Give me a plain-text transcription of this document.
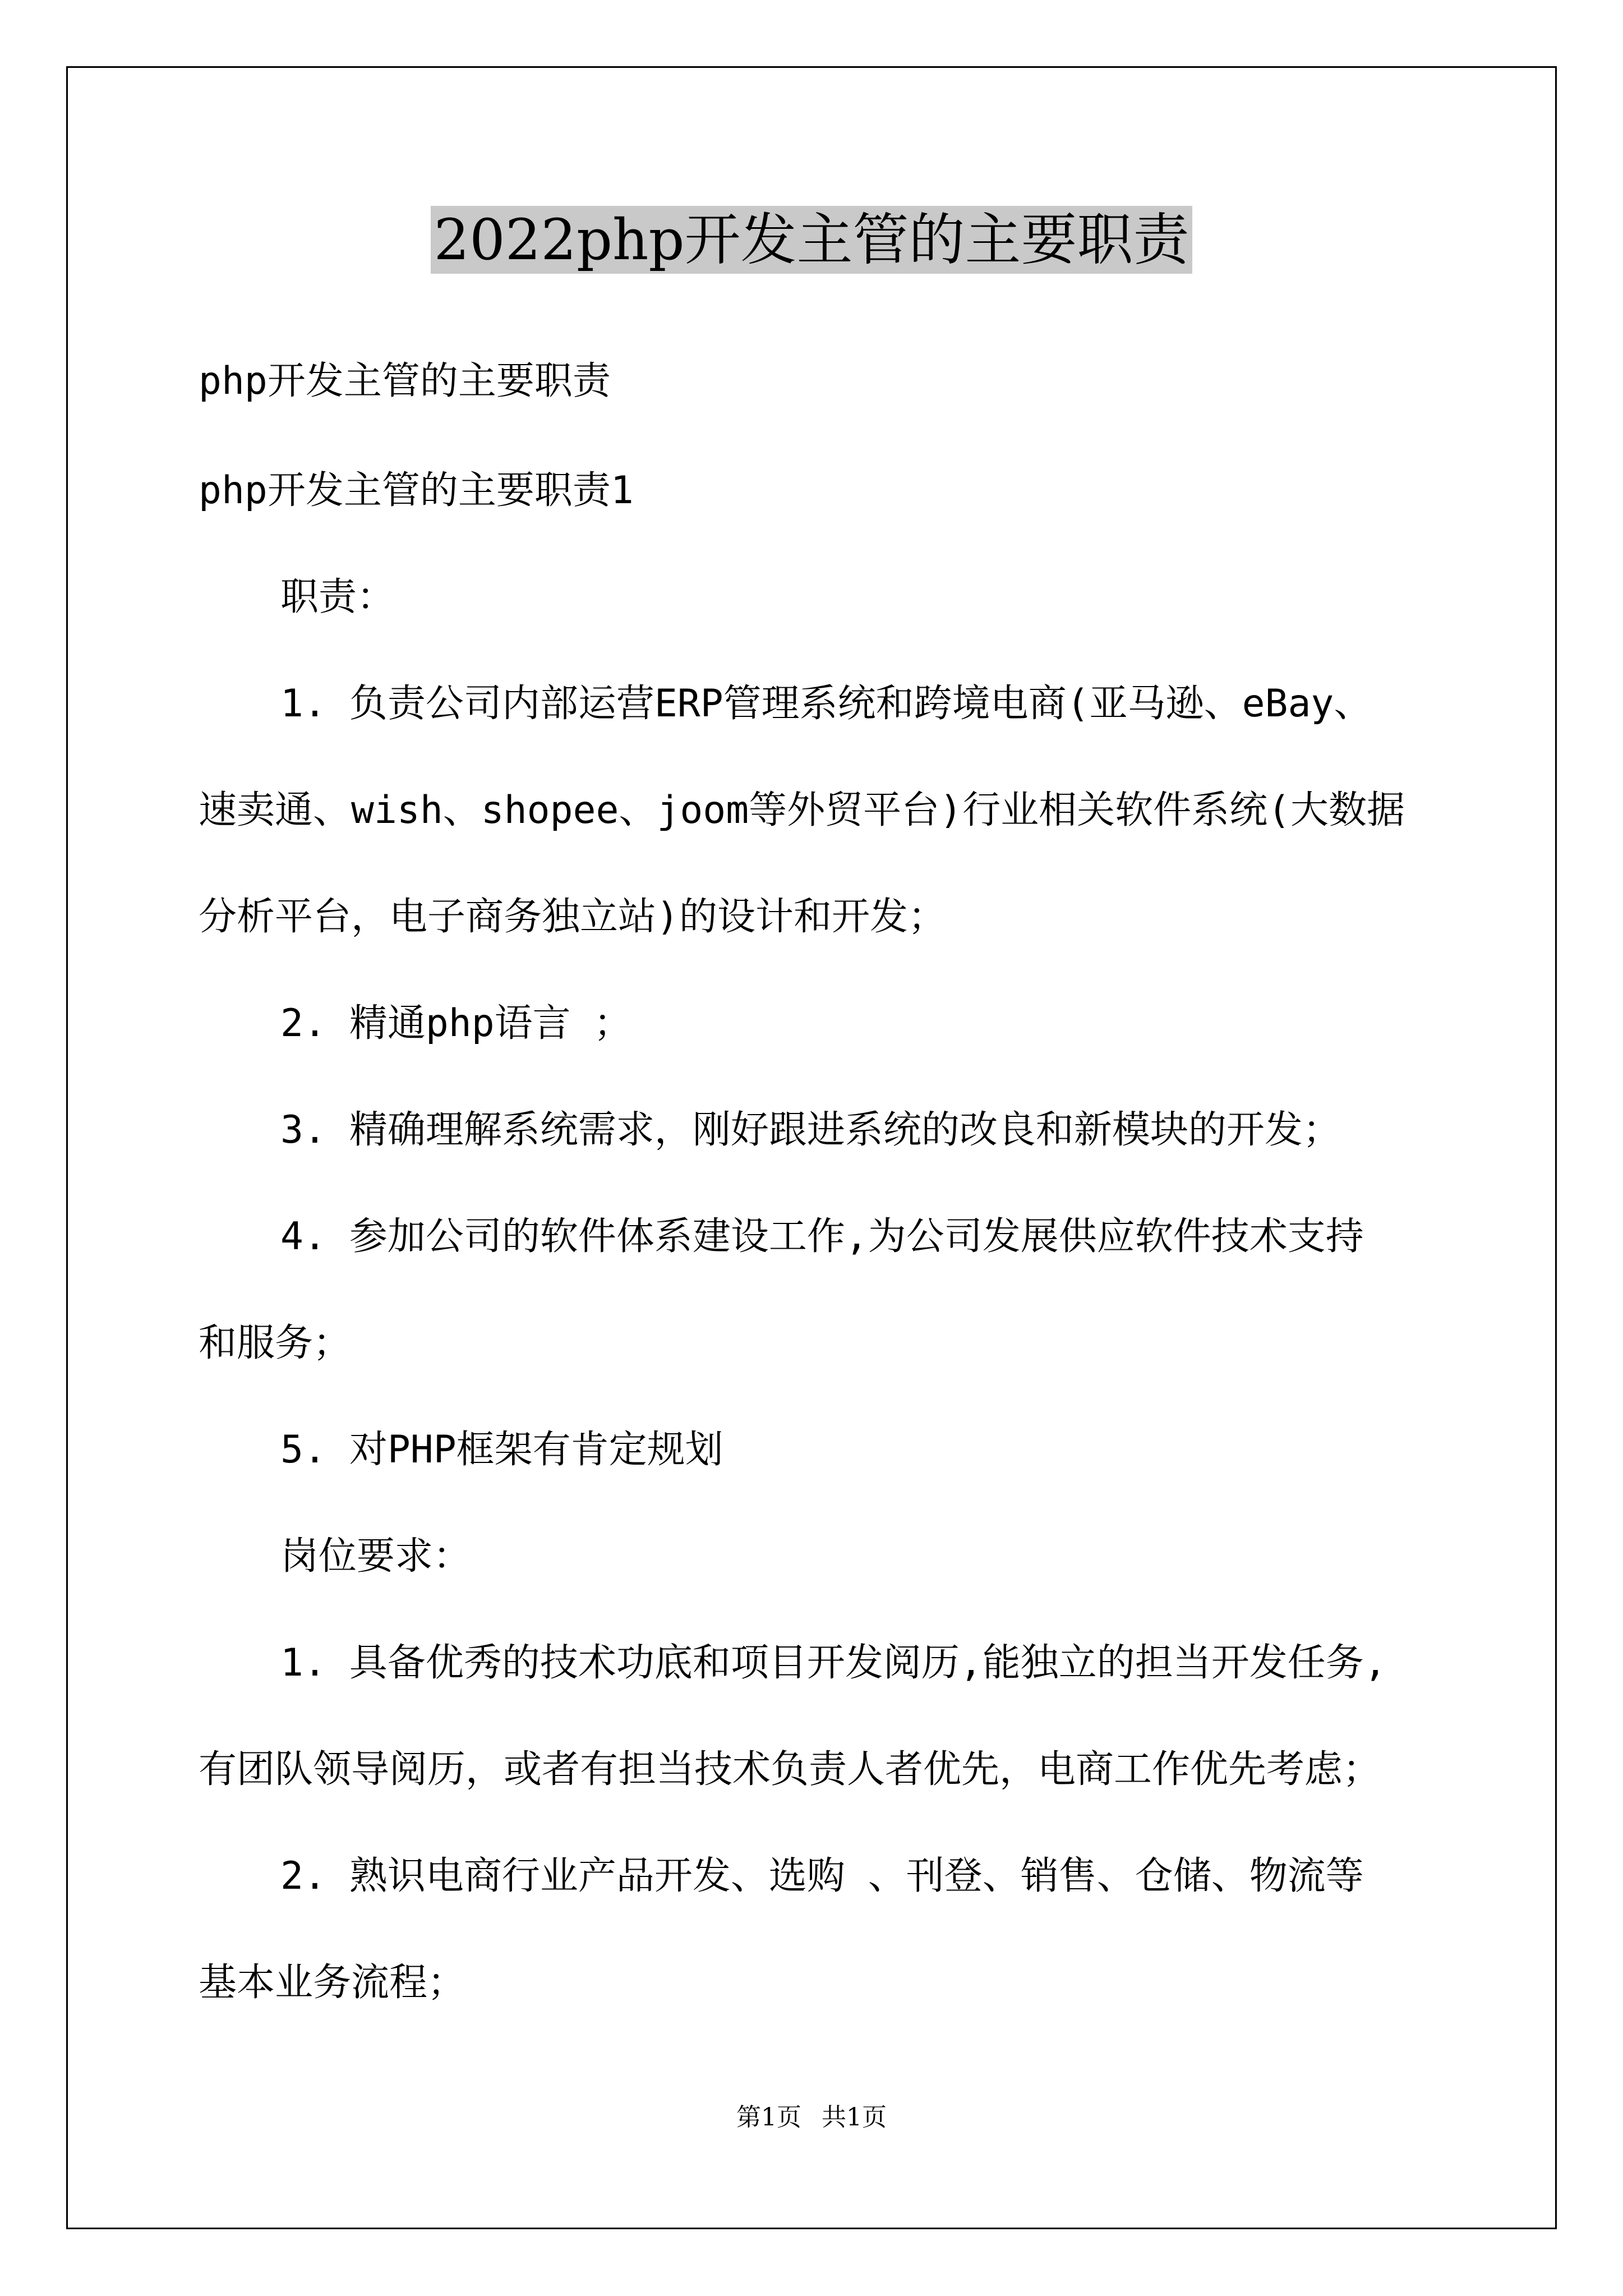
2022php开发主管的主要职责
php开发主管的主要职责
php开发主管的主要职责1
职责：
1. 负责公司内部运营ERP管理系统和跨境电商(亚马逊、eBay、
速卖通、wish、shopee、joom等外贸平台)行业相关软件系统(大数据
分析平台，电子商务独立站)的设计和开发；
2. 精通php语言 ；
3. 精确理解系统需求，刚好跟进系统的改良和新模块的开发；
4. 参加公司的软件体系建设工作,为公司发展供应软件技术支持
和服务；
5. 对PHP框架有肯定规划
岗位要求：
1. 具备优秀的技术功底和项目开发阅历,能独立的担当开发任务,
有团队领导阅历，或者有担当技术负责人者优先，电商工作优先考虑；
2. 熟识电商行业产品开发、选购 、刊登、销售、仓储、物流等
基本业务流程；
第1页 共1页
